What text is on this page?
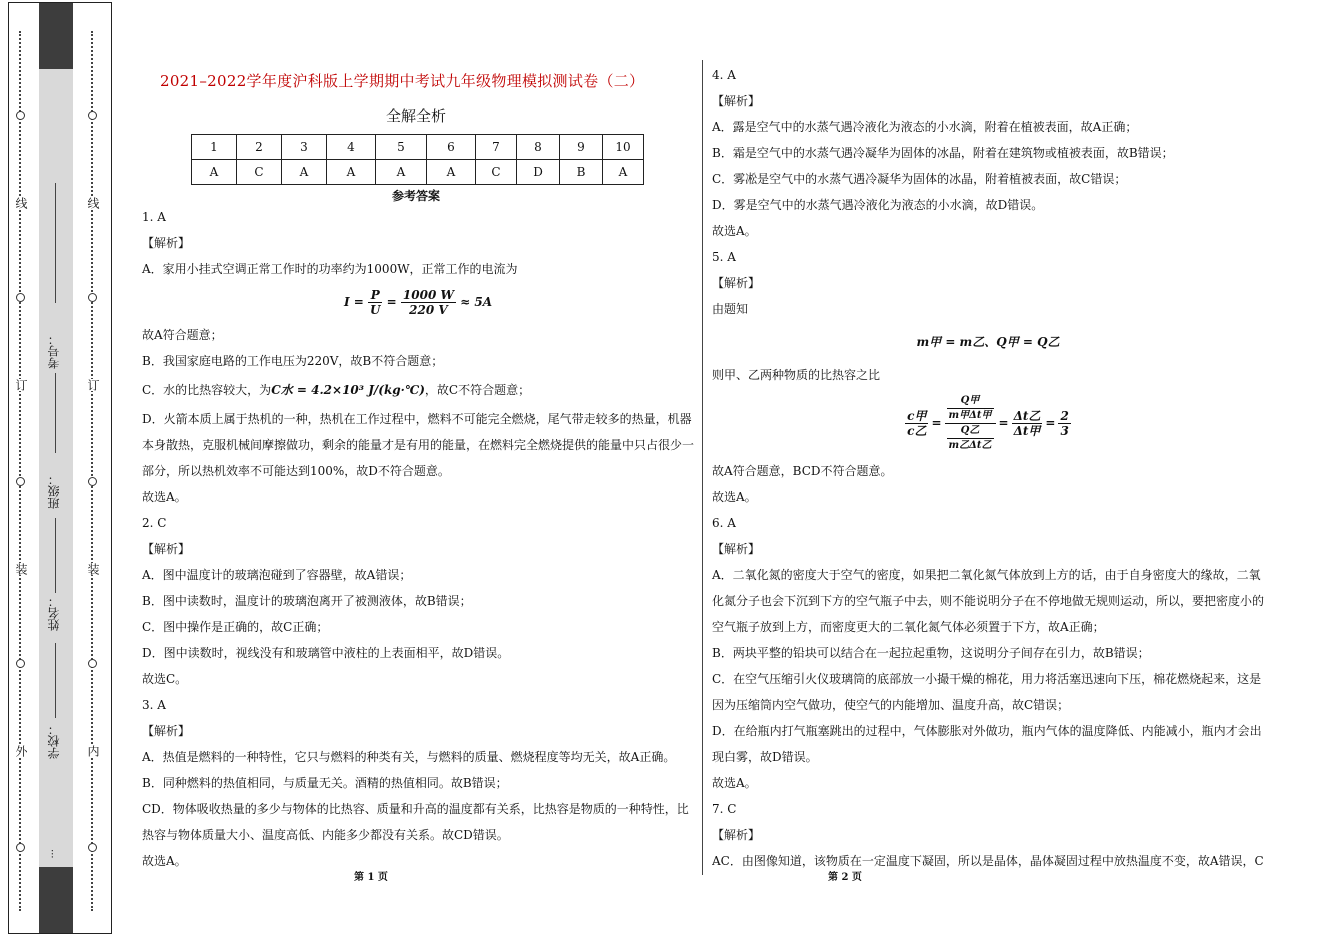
线
订
装
外
线
订
装
内
考号：
班级：
姓名：
学校：
...
2021–2022学年度沪科版上学期期中考试九年级物理模拟测试卷（二）
全解全析
1	2	3	4	5	6	7	8	9	10
A	C	A	A	A	A	C	D	B	A
参考答案

1. A

【解析】

A．家用小挂式空调正常工作时的功率约为1000W，正常工作的电流为

$I = \frac{P}{U} = \frac{1000 W}{220 V} \approx 5A$

故A符合题意；

B．我国家庭电路的工作电压为220V，故B不符合题意；

C．水的比热容较大，为C水 = 4.2×10³ J/(kg·℃)，故C不符合题意；

D．火箭本质上属于热机的一种，热机在工作过程中，燃料不可能完全燃烧，尾气带走较多的热量，机器本身散热，克服机械间摩擦做功，剩余的能量才是有用的能量，在燃料完全燃烧提供的能量中只占很少一部分，所以热机效率不可能达到100%，故D不符合题意。

故选A。

2. C

【解析】

A．图中温度计的玻璃泡碰到了容器壁，故A错误；

B．图中读数时，温度计的玻璃泡离开了被测液体，故B错误；

C．图中操作是正确的，故C正确；

D．图中读数时，视线没有和玻璃管中液柱的上表面相平，故D错误。

故选C。

3. A

【解析】

A．热值是燃料的一种特性，它只与燃料的种类有关，与燃料的质量、燃烧程度等均无关，故A正确。

B．同种燃料的热值相同，与质量无关。酒精的热值相同。故B错误；

CD．物体吸收热量的多少与物体的比热容、质量和升高的温度都有关系，比热容是物质的一种特性，比热容与物体质量大小、温度高低、内能多少都没有关系。故CD错误。

故选A。

4. A

【解析】

A．露是空气中的水蒸气遇冷液化为液态的小水滴，附着在植被表面，故A正确；

B．霜是空气中的水蒸气遇冷凝华为固体的冰晶，附着在建筑物或植被表面，故B错误；

C．雾凇是空气中的水蒸气遇冷凝华为固体的冰晶，附着植被表面，故C错误；

D．雾是空气中的水蒸气遇冷液化为液态的小水滴，故D错误。

故选A。

5. A

【解析】

由题知

m甲 = m乙、Q甲 = Q乙

则甲、乙两种物质的比热容之比

$\frac{\text{c甲}}{\text{c乙}} = \frac{\frac{\text{Q甲}}{\text{m甲Δt甲}}}{\frac{\text{Q乙}}{\text{m乙Δt乙}}} = \frac{\text{Δt乙}}{\text{Δt甲}} = \frac{2}{3}$

故A符合题意，BCD不符合题意。

故选A。

6. A

【解析】

A．二氧化氮的密度大于空气的密度，如果把二氧化氮气体放到上方的话，由于自身密度大的缘故，二氧化氮分子也会下沉到下方的空气瓶子中去，则不能说明分子在不停地做无规则运动，所以，要把密度小的空气瓶子放到上方，而密度更大的二氧化氮气体必须置于下方，故A正确；

B．两块平整的铅块可以结合在一起拉起重物，这说明分子间存在引力，故B错误；

C．在空气压缩引火仪玻璃筒的底部放一小撮干燥的棉花，用力将活塞迅速向下压，棉花燃烧起来，这是因为压缩筒内空气做功，使空气的内能增加、温度升高，故C错误；

D．在给瓶内打气瓶塞跳出的过程中，气体膨胀对外做功，瓶内气体的温度降低、内能减小，瓶内才会出现白雾，故D错误。

故选A。

7. C

【解析】

AC．由图像知道，该物质在一定温度下凝固，所以是晶体，晶体凝固过程中放热温度不变，故A错误，C

第 1 页	第 2 页
